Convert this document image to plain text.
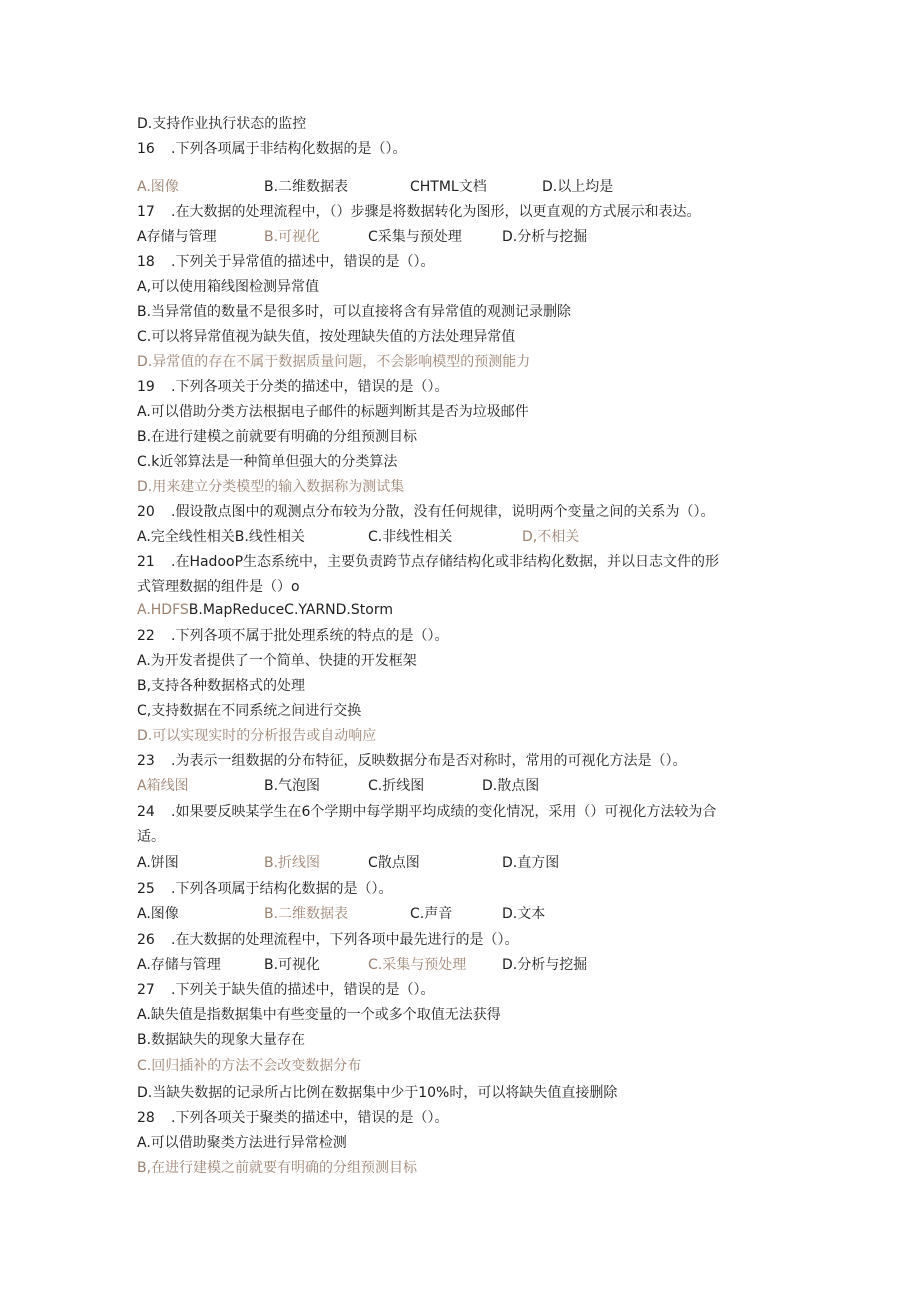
D.支持作业执行状态的监控
16 .下列各项属于非结构化数据的是（）。
A.图像	B.二维数据表	CHTML文档	D.以上均是
17 .在大数据的处理流程中，（）步骤是将数据转化为图形，以更直观的方式展示和表达。
A存储与管理	B.可视化	C采集与预处理	D.分析与挖掘
18 .下列关于异常值的描述中，错误的是（）。
A,可以使用箱线图检测异常值
B.当异常值的数量不是很多时，可以直接将含有异常值的观测记录删除
C.可以将异常值视为缺失值，按处理缺失值的方法处理异常值
D.异常值的存在不属于数据质量问题，不会影响模型的预测能力
19 .下列各项关于分类的描述中，错误的是（）。
A.可以借助分类方法根据电子邮件的标题判断其是否为垃圾邮件
B.在进行建模之前就要有明确的分组预测目标
C.k近邻算法是一种简单但强大的分类算法
D.用来建立分类模型的输入数据称为测试集
20 .假设散点图中的观测点分布较为分散，没有任何规律，说明两个变量之间的关系为（）。
A.完全线性相关B.线性相关	C.非线性相关	D,不相关
21 .在HadooP生态系统中，主要负责跨节点存储结构化或非结构化数据，并以日志文件的形
式管理数据的组件是（）o
A.HDFSB.MapReduceC.YARND.Storm
22 .下列各项不属于批处理系统的特点的是（）。
A.为开发者提供了一个简单、快捷的开发框架
B,支持各种数据格式的处理
C,支持数据在不同系统之间进行交换
D.可以实现实时的分析报告或自动响应
23 .为表示一组数据的分布特征，反映数据分布是否对称时，常用的可视化方法是（）。
A箱线图	B.气泡图	C.折线图	D.散点图
24 .如果要反映某学生在6个学期中每学期平均成绩的变化情况，采用（）可视化方法较为合
适。
A.饼图	B.折线图	C散点图	D.直方图
25 .下列各项属于结构化数据的是（）。
A.图像	B.二维数据表	C.声音	D.文本
26 .在大数据的处理流程中，下列各项中最先进行的是（）。
A.存储与管理	B.可视化	C.采集与预处理	D.分析与挖掘
27 .下列关于缺失值的描述中，错误的是（）。
A.缺失值是指数据集中有些变量的一个或多个取值无法获得
B.数据缺失的现象大量存在
C.回归插补的方法不会改变数据分布
D.当缺失数据的记录所占比例在数据集中少于10%时，可以将缺失值直接删除
28 .下列各项关于聚类的描述中，错误的是（）。
A.可以借助聚类方法进行异常检测
B,在进行建模之前就要有明确的分组预测目标
